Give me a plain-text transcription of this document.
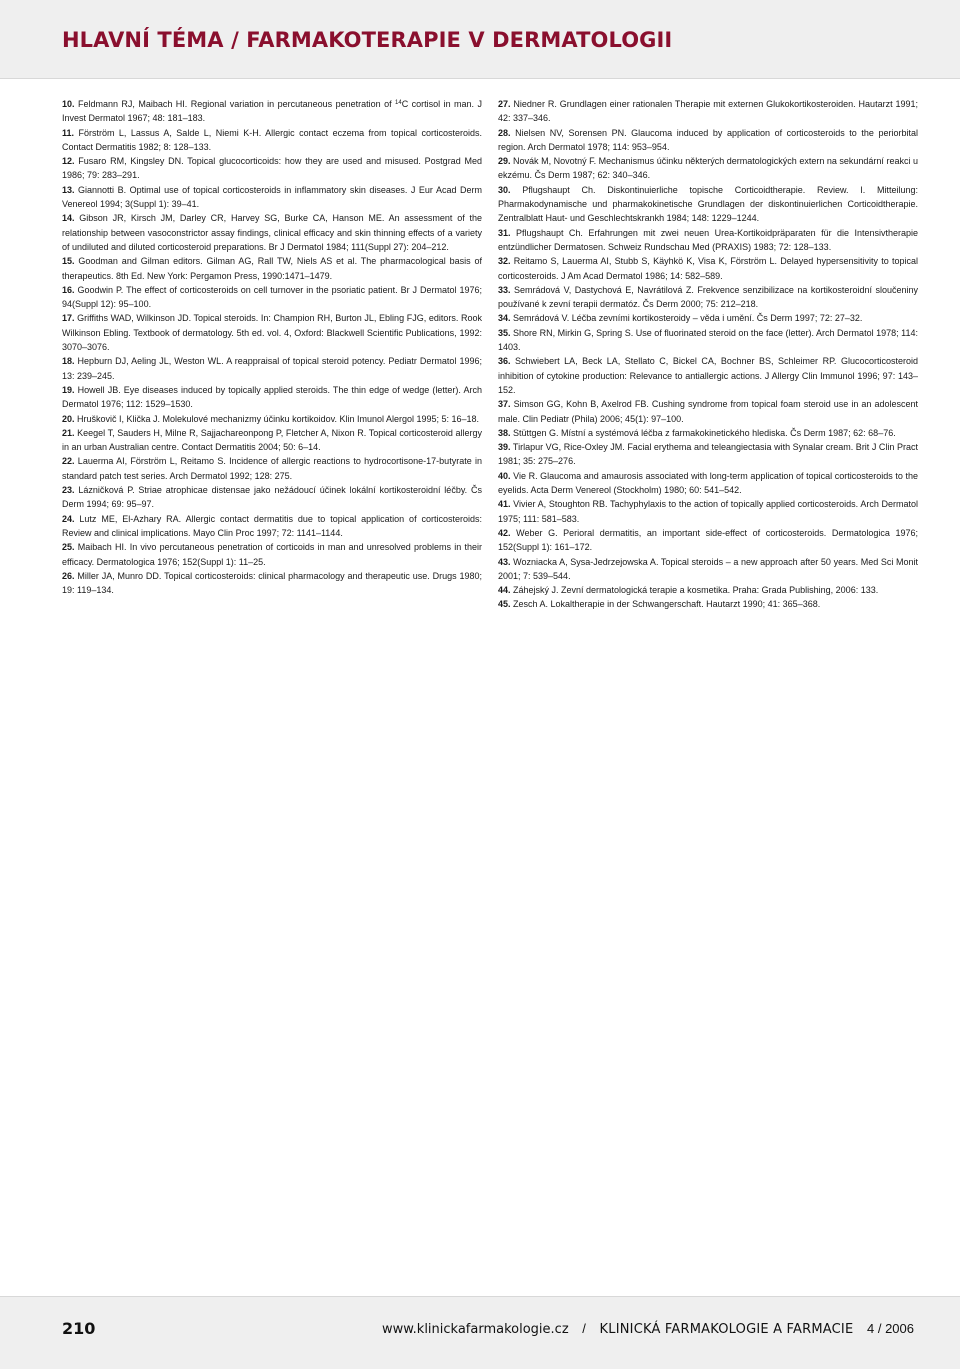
HLAVNÍ TÉMA / FARMAKOTERAPIE V DERMATOLOGII

10. Feldmann RJ, Maibach HI. Regional variation in percutaneous penetration of $^{14}$C cortisol in man. J Invest Dermatol 1967; 48: 181–183.

11. Förström L, Lassus A, Salde L, Niemi K-H. Allergic contact eczema from topical corticosteroids. Contact Dermatitis 1982; 8: 128–133.

12. Fusaro RM, Kingsley DN. Topical glucocorticoids: how they are used and misused. Postgrad Med 1986; 79: 283–291.

13. Giannotti B. Optimal use of topical corticosteroids in inflammatory skin diseases. J Eur Acad Derm Venereol 1994; 3(Suppl 1): 39–41.

14. Gibson JR, Kirsch JM, Darley CR, Harvey SG, Burke CA, Hanson ME. An assessment of the relationship between vasoconstrictor assay findings, clinical efficacy and skin thinning effects of a variety of undiluted and diluted corticosteroid preparations. Br J Dermatol 1984; 111(Suppl 27): 204–212.

15. Goodman and Gilman editors. Gilman AG, Rall TW, Niels AS et al. The pharmacological basis of therapeutics. 8th Ed. New York: Pergamon Press, 1990:1471–1479.

16. Goodwin P. The effect of corticosteroids on cell turnover in the psoriatic patient. Br J Dermatol 1976; 94(Suppl 12): 95–100.

17. Griffiths WAD, Wilkinson JD. Topical steroids. In: Champion RH, Burton JL, Ebling FJG, editors. Rook Wilkinson Ebling. Textbook of dermatology. 5th ed. vol. 4, Oxford: Blackwell Scientific Publications, 1992: 3070–3076.

18. Hepburn DJ, Aeling JL, Weston WL. A reappraisal of topical steroid potency. Pediatr Dermatol 1996; 13: 239–245.

19. Howell JB. Eye diseases induced by topically applied steroids. The thin edge of wedge (letter). Arch Dermatol 1976; 112: 1529–1530.

20. Hruškovič I, Klička J. Molekulové mechanizmy účinku kortikoidov. Klin Imunol Alergol 1995; 5: 16–18.

21. Keegel T, Sauders H, Milne R, Sajjachareonpong P, Fletcher A, Nixon R. Topical corticosteroid allergy in an urban Australian centre. Contact Dermatitis 2004; 50: 6–14.

22. Lauerma AI, Förström L, Reitamo S. Incidence of allergic reactions to hydrocortisone-17-butyrate in standard patch test series. Arch Dermatol 1992; 128: 275.

23. Lázničková P. Striae atrophicae distensae jako nežádoucí účinek lokální kortikosteroidní léčby. Čs Derm 1994; 69: 95–97.

24. Lutz ME, El-Azhary RA. Allergic contact dermatitis due to topical application of corticosteroids: Review and clinical implications. Mayo Clin Proc 1997; 72: 1141–1144.

25. Maibach HI. In vivo percutaneous penetration of corticoids in man and unresolved problems in their efficacy. Dermatologica 1976; 152(Suppl 1): 11–25.

26. Miller JA, Munro DD. Topical corticosteroids: clinical pharmacology and therapeutic use. Drugs 1980; 19: 119–134.

27. Niedner R. Grundlagen einer rationalen Therapie mit externen Glukokortikosteroiden. Hautarzt 1991; 42: 337–346.

28. Nielsen NV, Sorensen PN. Glaucoma induced by application of corticosteroids to the periorbital region. Arch Dermatol 1978; 114: 953–954.

29. Novák M, Novotný F. Mechanismus účinku některých dermatologických extern na sekundární reakci u ekzému. Čs Derm 1987; 62: 340–346.

30. Pflugshaupt Ch. Diskontinuierliche topische Corticoidtherapie. Review. I. Mitteilung: Pharmakodynamische und pharmakokinetische Grundlagen der diskontinuierlichen Corticoidtherapie. Zentralblatt Haut- und Geschlechtskrankh 1984; 148: 1229–1244.

31. Pflugshaupt Ch. Erfahrungen mit zwei neuen Urea-Kortikoidpräparaten für die Intensivtherapie entzündlicher Dermatosen. Schweiz Rundschau Med (PRAXIS) 1983; 72: 128–133.

32. Reitamo S, Lauerma AI, Stubb S, Käyhkö K, Visa K, Förström L. Delayed hypersensitivity to topical corticosteroids. J Am Acad Dermatol 1986; 14: 582–589.

33. Semrádová V, Dastychová E, Navrátilová Z. Frekvence senzibilizace na kortikosteroidní sloučeniny používané k zevní terapii dermatóz. Čs Derm 2000; 75: 212–218.

34. Semrádová V. Léčba zevními kortikosteroidy – věda i umění. Čs Derm 1997; 72: 27–32.

35. Shore RN, Mirkin G, Spring S. Use of fluorinated steroid on the face (letter). Arch Dermatol 1978; 114: 1403.

36. Schwiebert LA, Beck LA, Stellato C, Bickel CA, Bochner BS, Schleimer RP. Glucocorticosteroid inhibition of cytokine production: Relevance to antiallergic actions. J Allergy Clin Immunol 1996; 97: 143–152.

37. Simson GG, Kohn B, Axelrod FB. Cushing syndrome from topical foam steroid use in an adolescent male. Clin Pediatr (Phila) 2006; 45(1): 97–100.

38. Stüttgen G. Místní a systémová léčba z farmakokinetického hlediska. Čs Derm 1987; 62: 68–76.

39. Tirlapur VG, Rice-Oxley JM. Facial erythema and teleangiectasia with Synalar cream. Brit J Clin Pract 1981; 35: 275–276.

40. Vie R. Glaucoma and amaurosis associated with long-term application of topical corticosteroids to the eyelids. Acta Derm Venereol (Stockholm) 1980; 60: 541–542.

41. Vivier A, Stoughton RB. Tachyphylaxis to the action of topically applied corticosteroids. Arch Dermatol 1975; 111: 581–583.

42. Weber G. Perioral dermatitis, an important side-effect of corticosteroids. Dermatologica 1976; 152(Suppl 1): 161–172.

43. Wozniacka A, Sysa-Jedrzejowska A. Topical steroids – a new approach after 50 years. Med Sci Monit 2001; 7: 539–544.

44. Záhejský J. Zevní dermatologická terapie a kosmetika. Praha: Grada Publishing, 2006: 133.

45. Zesch A. Lokaltherapie in der Schwangerschaft. Hautarzt 1990; 41: 365–368.

210	www.klinickafarmakologie.cz / KLINICKÁ FARMAKOLOGIE A FARMACIE 4 / 2006
